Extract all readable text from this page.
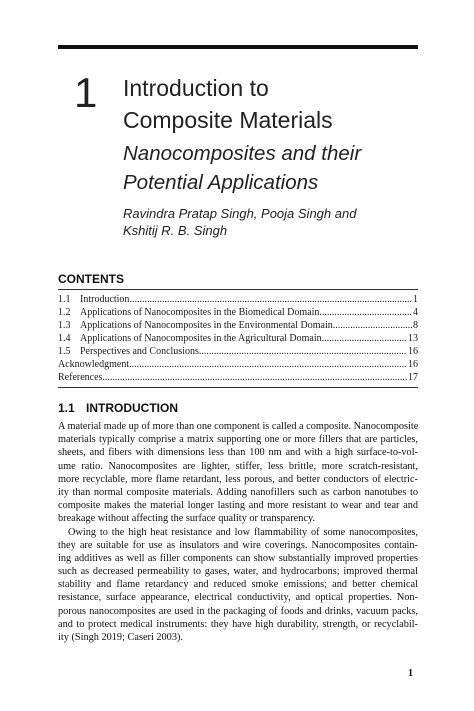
1 Introduction to
Composite Materials
Nanocomposites and their
Potential Applications
Ravindra Pratap Singh, Pooja Singh and
Kshitij R. B. Singh
CONTENTS
1.1 Introduction .....	1
1.2 Applications of Nanocomposites in the Biomedical Domain .....	4
1.3 Applications of Nanocomposites in the Environmental Domain .....	8
1.4 Applications of Nanocomposites in the Agricultural Domain .....	13
1.5 Perspectives and Conclusions .....	16
Acknowledgment .....	16
References .....	17
1.1 INTRODUCTION
A material made up of more than one component is called a composite. Nanocomposite
materials typically comprise a matrix supporting one or more fillers that are particles,
sheets, and fibers with dimensions less than 100 nm and with a high surface-to-vol-
ume ratio. Nanocomposites are lighter, stiffer, less brittle, more scratch-resistant,
more recyclable, more flame retardant, less porous, and better conductors of electric-
ity than normal composite materials. Adding nanofillers such as carbon nanotubes to
composite makes the material longer lasting and more resistant to wear and tear and
breakage without affecting the surface quality or transparency.
Owing to the high heat resistance and low flammability of some nanocomposites,
they are suitable for use as insulators and wire coverings. Nanocomposites contain-
ing additives as well as filler components can show substantially improved properties
such as decreased permeability to gases, water, and hydrocarbons; improved thermal
stability and flame retardancy and reduced smoke emissions; and better chemical
resistance, surface appearance, electrical conductivity, and optical properties. Non-
porous nanocomposites are used in the packaging of foods and drinks, vacuum packs,
and to protect medical instruments: they have high durability, strength, or recyclabil-
ity (Singh 2019; Caseri 2003).
1
